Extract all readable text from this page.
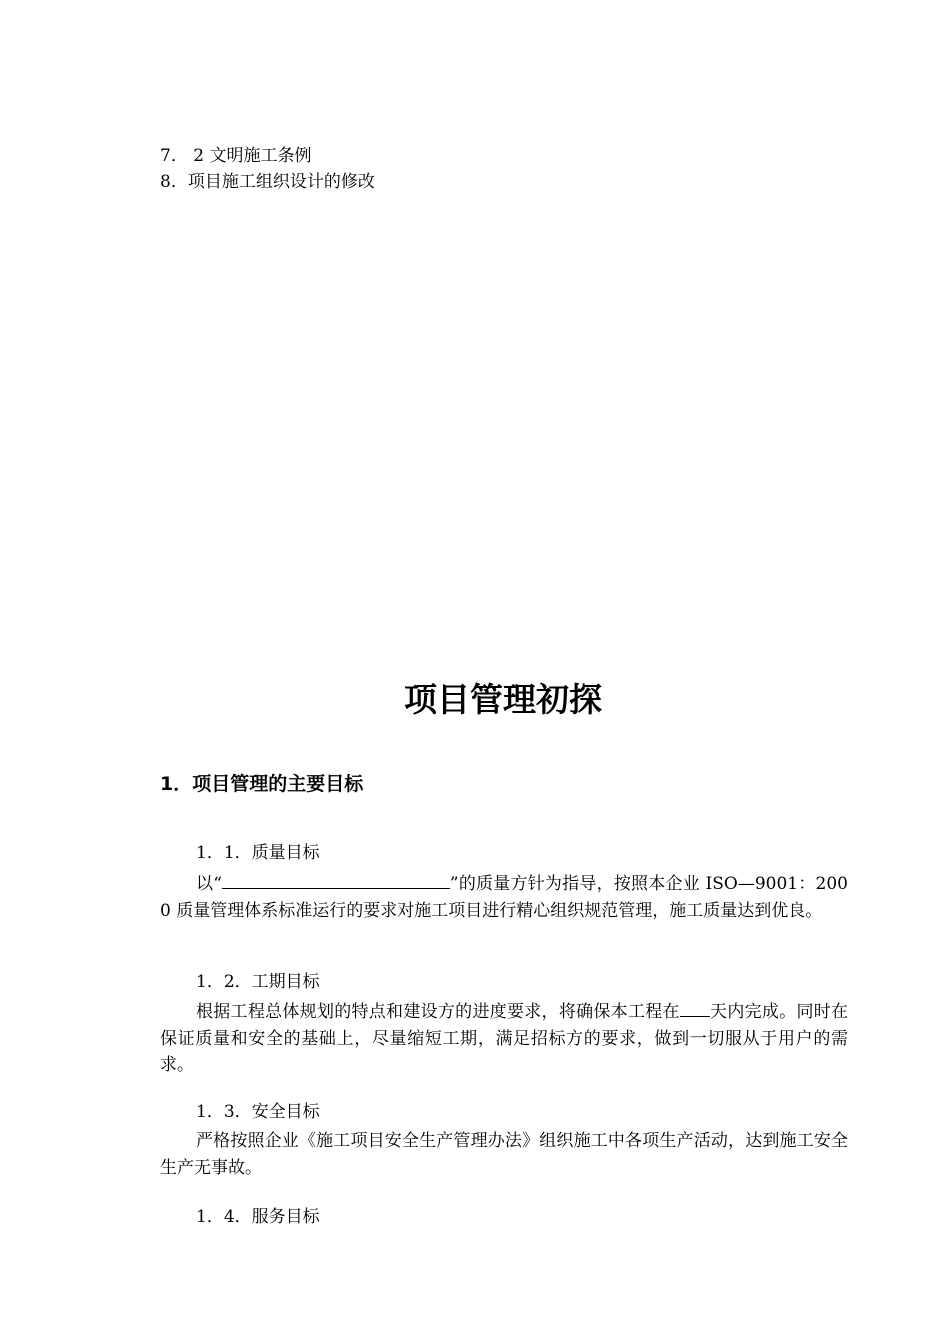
7． 2 文明施工条例
8．项目施工组织设计的修改
项目管理初探
1．项目管理的主要目标
1．1．质量目标
以“	”的质量方针为指导，按照本企业 ISO—9001：2000 质量管理体系标准运行的要求对施工项目进行精心组织规范管理，施工质量达到优良。
1．2．工期目标
根据工程总体规划的特点和建设方的进度要求，将确保本工程在 天内完成。同时在保证质量和安全的基础上，尽量缩短工期，满足招标方的要求，做到一切服从于用户的需求。
1．3．安全目标
严格按照企业《施工项目安全生产管理办法》组织施工中各项生产活动，达到施工安全生产无事故。
1．4．服务目标
